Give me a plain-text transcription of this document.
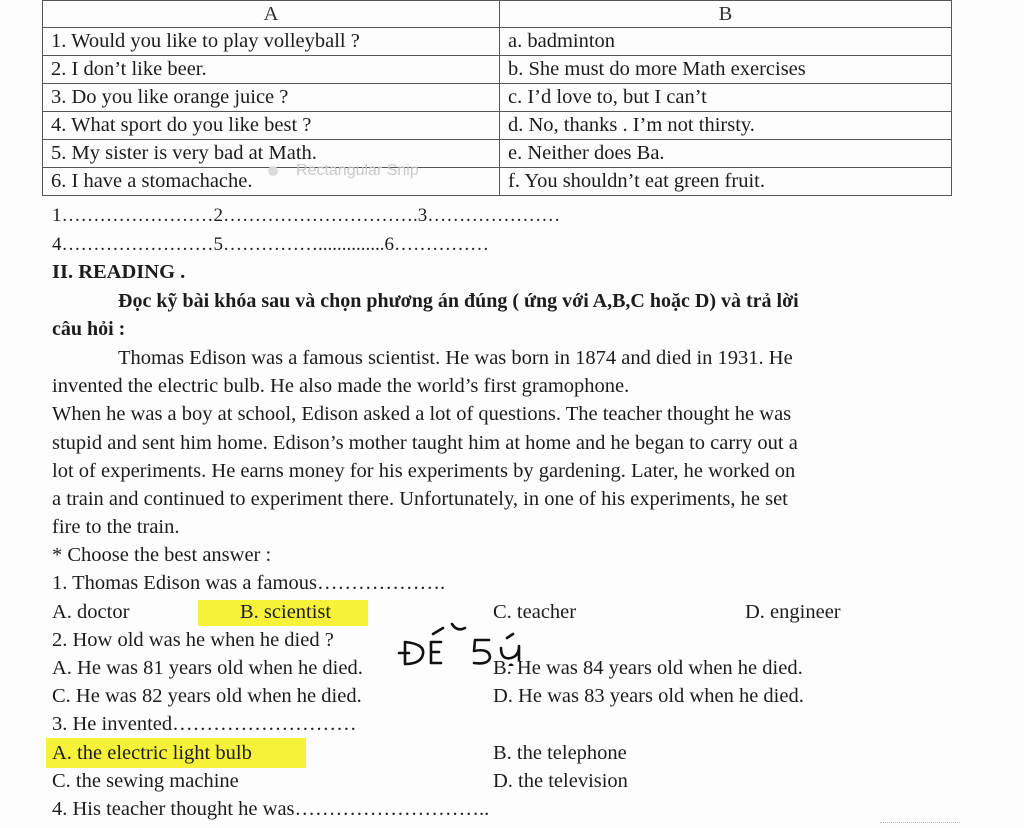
A	B
1. Would you like to play volleyball ?	a. badminton
2. I don’t like beer.	b. She must do more Math exercises
3. Do you like orange juice ?	c. I’d love to, but I can’t
4. What sport do you like best ?	d. No, thanks . I’m not thirsty.
5. My sister is very bad at Math.	e. Neither does Ba.
6. I have a stomachache.	f. You shouldn’t eat green fruit.
Rectangular Snip
1……………………2………………………….3…………………
4……………………5……………..............6……………
II. READING .
Đọc kỹ bài khóa sau và chọn phương án đúng ( ứng với A,B,C hoặc D) và trả lời
câu hỏi :
Thomas Edison was a famous scientist. He was born in 1874 and died in 1931. He
invented the electric bulb. He also made the world’s first gramophone.
When he was a boy at school, Edison asked a lot of questions. The teacher thought he was
stupid and sent him home. Edison’s mother taught him at home and he began to carry out a
lot of experiments. He earns money for his experiments by gardening. Later, he worked on
a train and continued to experiment there. Unfortunately, in one of his experiments, he set
fire to the train.
* Choose the best answer :
1. Thomas Edison was a famous……………….
A. doctor	B. scientist	C. teacher	D. engineer
2. How old was he when he died ?
A. He was 81 years old when he died.	B. He was 84 years old when he died.
C. He was 82 years old when he died.	D. He was 83 years old when he died.
3. He invented………………………
A. the electric light bulb	B. the telephone
C. the sewing machine	D. the television
4. His teacher thought he was………………………..
